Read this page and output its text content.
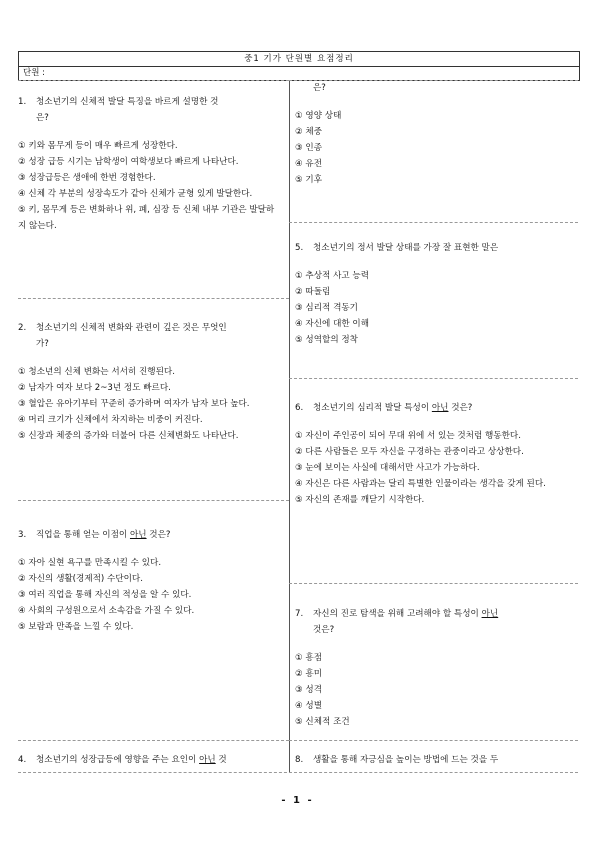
중1 기가 단원별 요점정리
단원 :

1. 청소년기의 신체적 발달 특징을 바르게 설명한 것

은?
① 키와 몸무게 등이 매우 빠르게 성장한다.
② 성장 급등 시기는 남학생이 여학생보다 빠르게 나타난다.
③ 성장급등은 생애에 한번 경험한다.
④ 신체 각 부분의 성장속도가 같아 신체가 균형 있게 발달한다.
⑤ 키, 몸무게 등은 변화하나 위, 폐, 심장 등 신체 내부 기관은 발달하지 않는다.

2. 청소년기의 신체적 변화와 관련이 깊은 것은 무엇인

가?
① 청소년의 신체 변화는 서서히 진행된다.
② 남자가 여자 보다 2~3년 정도 빠르다.
③ 혈압은 유아기부터 꾸준히 증가하며 여자가 남자 보다 높다.
④ 머리 크기가 신체에서 차지하는 비중이 커진다.
⑤ 신장과 체중의 증가와 더불어 다른 신체변화도 나타난다.

3. 직업을 통해 얻는 이점이 아닌 것은?

① 자아 실현 욕구를 만족시킬 수 있다.
② 자신의 생활(경제적) 수단이다.
③ 여러 직업을 통해 자신의 적성을 알 수 있다.
④ 사회의 구성원으로서 소속감을 가질 수 있다.
⑤ 보람과 만족을 느낄 수 있다.

4. 청소년기의 성장급등에 영향을 주는 요인이 아닌 것

은?
① 영양 상태
② 체중
③ 인종
④ 유전
⑤ 기후

5. 청소년기의 정서 발달 상태를 가장 잘 표현한 말은

① 추상적 사고 능력
② 따돌림
③ 심리적 격동기
④ 자신에 대한 이해
⑤ 성역할의 정착

6. 청소년기의 심리적 발달 특성이 아닌 것은?

① 자신이 주인공이 되어 무대 위에 서 있는 것처럼 행동한다.
② 다른 사람들은 모두 자신을 구경하는 관중이라고 상상한다.
③ 눈에 보이는 사실에 대해서만 사고가 가능하다.
④ 자신은 다른 사람과는 달리 특별한 인물이라는 생각을 갖게 된다.
⑤ 자신의 존재를 깨닫기 시작한다.

7. 자신의 진로 탐색을 위해 고려해야 할 특성이 아닌

것은?
① 흥점
② 흥미
③ 성격
④ 성별
⑤ 신체적 조건

8. 생활을 통해 자긍심을 높이는 방법에 드는 것을 두

- 1 -
